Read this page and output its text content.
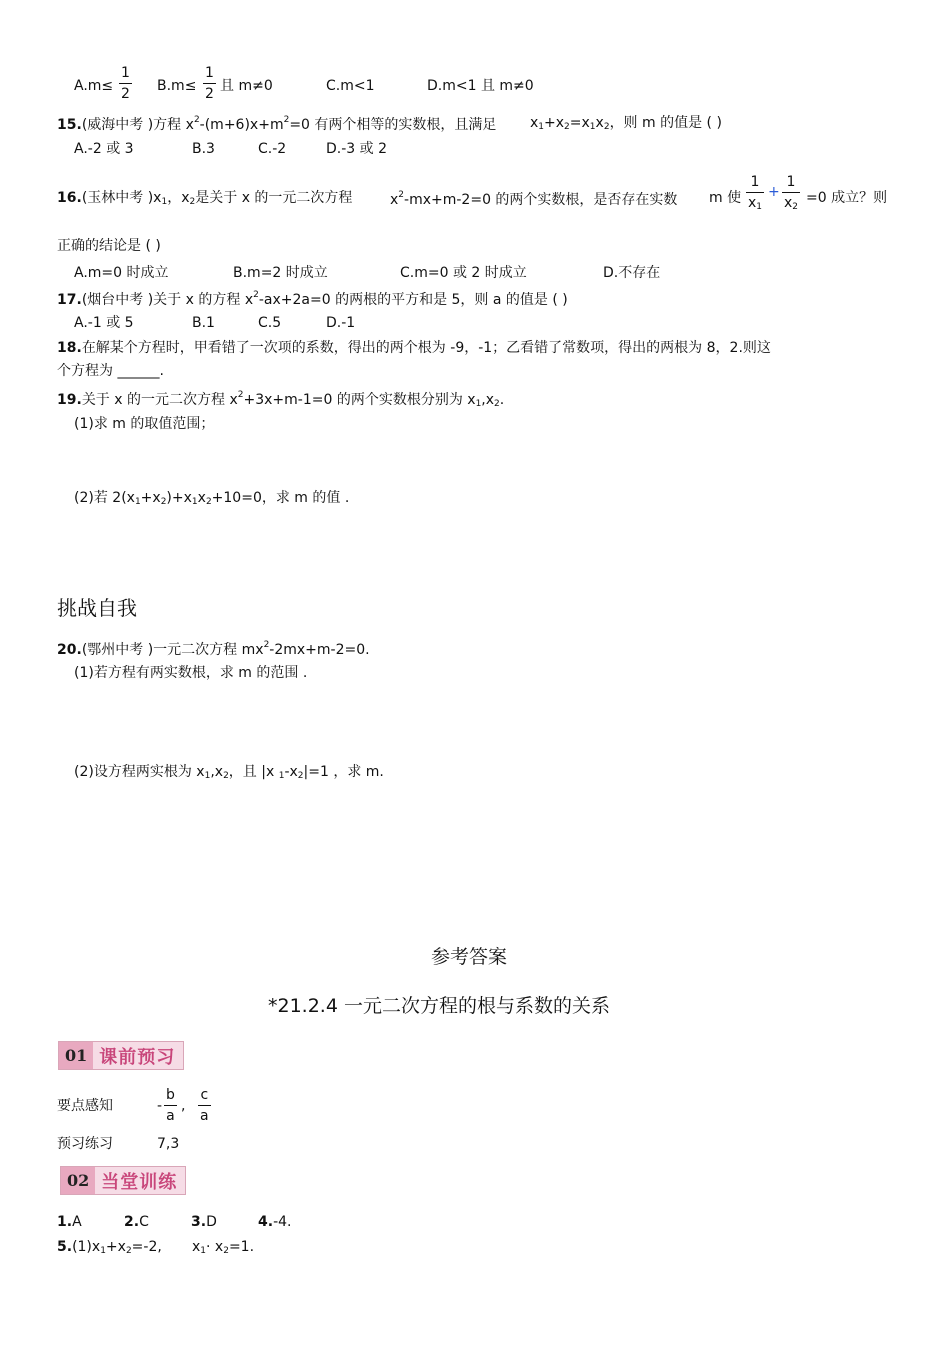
A.m≤
1
2 B.m≤
1
2 且 m≠0	C.m<1	D.m<1 且 m≠0
15.(威海中考 )方程 $x^2-(m+6)x+m^2=0$ 有两个相等的实数根，且满足 $x_1+x_2=x_1x_2$，则 m 的值是 ( )
A.-2 或 3	B.3	C.-2	D.-3 或 2
16.(玉林中考 )$x_1$，$x_2$是关于 x 的一元二次方程	$x^2-mx+m-2=0$ 的两个实数根，是否存在实数 m 使
1
$x_1$
+
1
$x_2$
=0 成立？则
正确的结论是 ( )
A.m=0 时成立	B.m=2 时成立	C.m=0 或 2 时成立	D.不存在
17.(烟台中考 )关于 x 的方程 $x^2-ax+2a=0$ 的两根的平方和是 5，则 a 的值是 ( )
A.-1 或 5	B.1	C.5	D.-1
18.在解某个方程时，甲看错了一次项的系数，得出的两个根为 -9，-1；乙看错了常数项，得出的两根为 8，2.则这
个方程为 ______.
19.关于 x 的一元二次方程 $x^2+3x+m-1=0$ 的两个实数根分别为 $x_1,x_2$.
(1)求 m 的取值范围；
(2)若 $2(x_1+x_2)+x_1x_2+10=0$，求 m 的值 .
挑战自我
20.(鄂州中考 )一元二次方程 $mx^2-2mx+m-2=0$.
(1)若方程有两实数根，求 m 的范围 .
(2)设方程两实根为 $x_1,x_2$，且 |x $_1-x_2|=1$ ，求 m.
参考答案
*21.2.4 一元二次方程的根与系数的关系
01 课前预习
要点感知	-
b
a
,
c
a
预习练习	7,3
02 当堂训练
1.A	2.C	3.D	4.-4.
$5.(1)x_1+x_2=-2$, $x_1\cdot x_2=1$.
